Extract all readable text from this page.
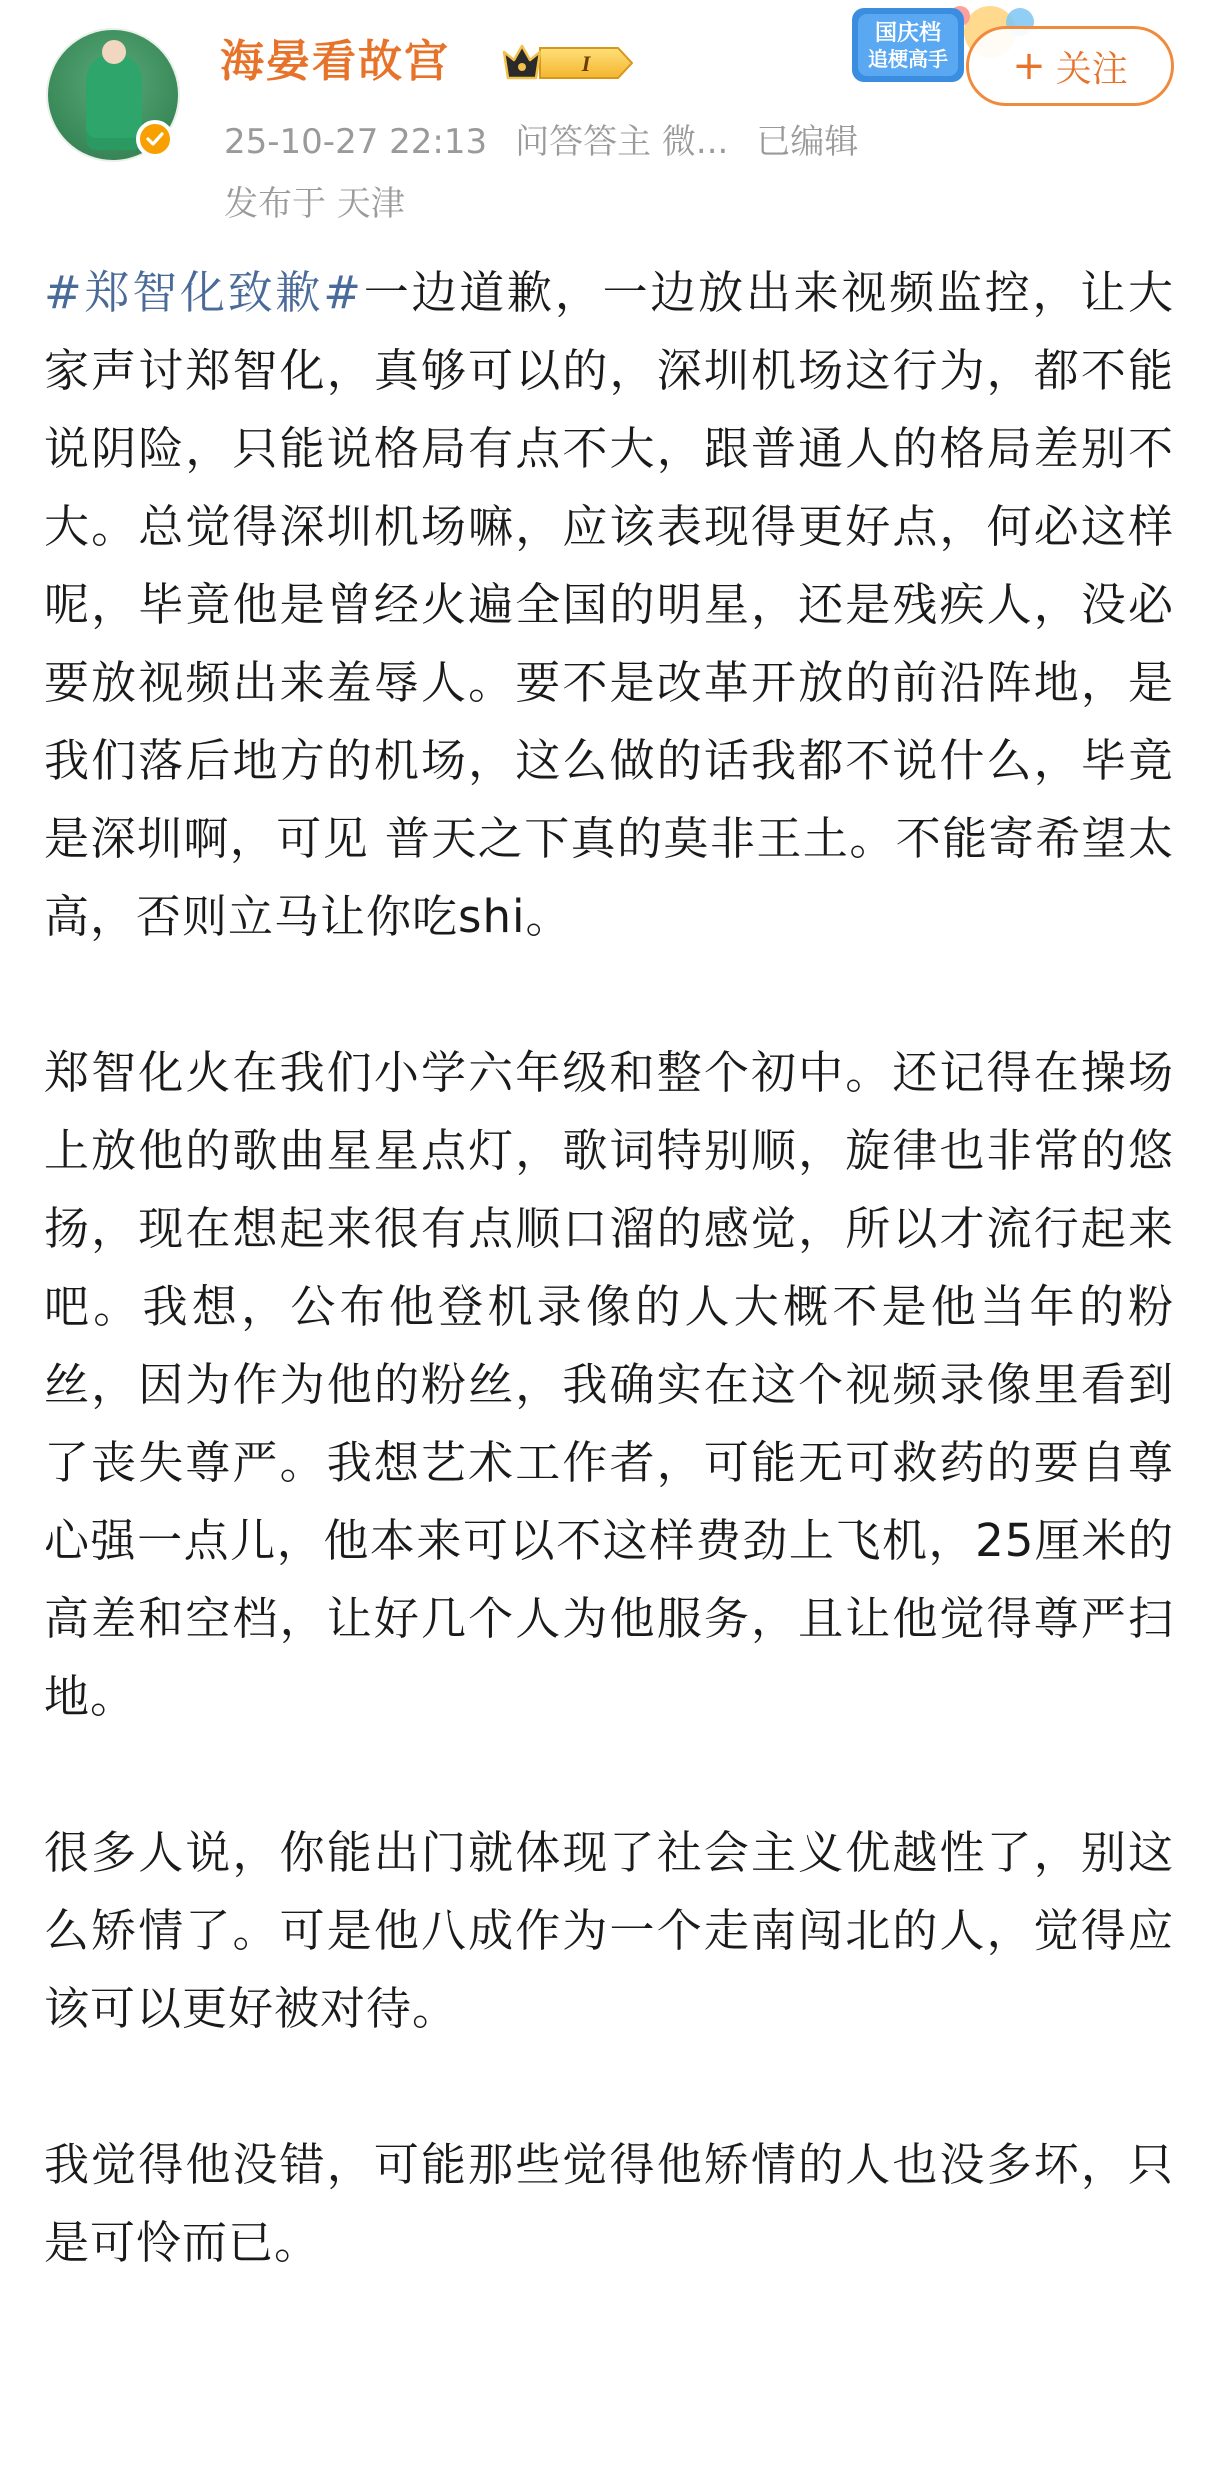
海晏看故宫	I
25-10-27 22:13 问答答主 微... 已编辑
发布于 天津
国庆档
追梗高手 + 关注

#郑智化致歉#一边道歉，一边放出来视频监控，让大家声讨郑智化，真够可以的，深圳机场这行为，都不能说阴险，只能说格局有点不大，跟普通人的格局差别不大。总觉得深圳机场嘛，应该表现得更好点，何必这样呢，毕竟他是曾经火遍全国的明星，还是残疾人，没必要放视频出来羞辱人。要不是改革开放的前沿阵地，是我们落后地方的机场，这么做的话我都不说什么，毕竟是深圳啊，可见 普天之下真的莫非王土。不能寄希望太高，否则立马让你吃shi。

郑智化火在我们小学六年级和整个初中。还记得在操场上放他的歌曲星星点灯，歌词特别顺，旋律也非常的悠扬，现在想起来很有点顺口溜的感觉，所以才流行起来吧。我想，公布他登机录像的人大概不是他当年的粉丝，因为作为他的粉丝，我确实在这个视频录像里看到了丧失尊严。我想艺术工作者，可能无可救药的要自尊心强一点儿，他本来可以不这样费劲上飞机，25厘米的高差和空档，让好几个人为他服务，且让他觉得尊严扫地。

很多人说，你能出门就体现了社会主义优越性了，别这么矫情了。可是他八成作为一个走南闯北的人，觉得应该可以更好被对待。

我觉得他没错，可能那些觉得他矫情的人也没多坏，只是可怜而已。
